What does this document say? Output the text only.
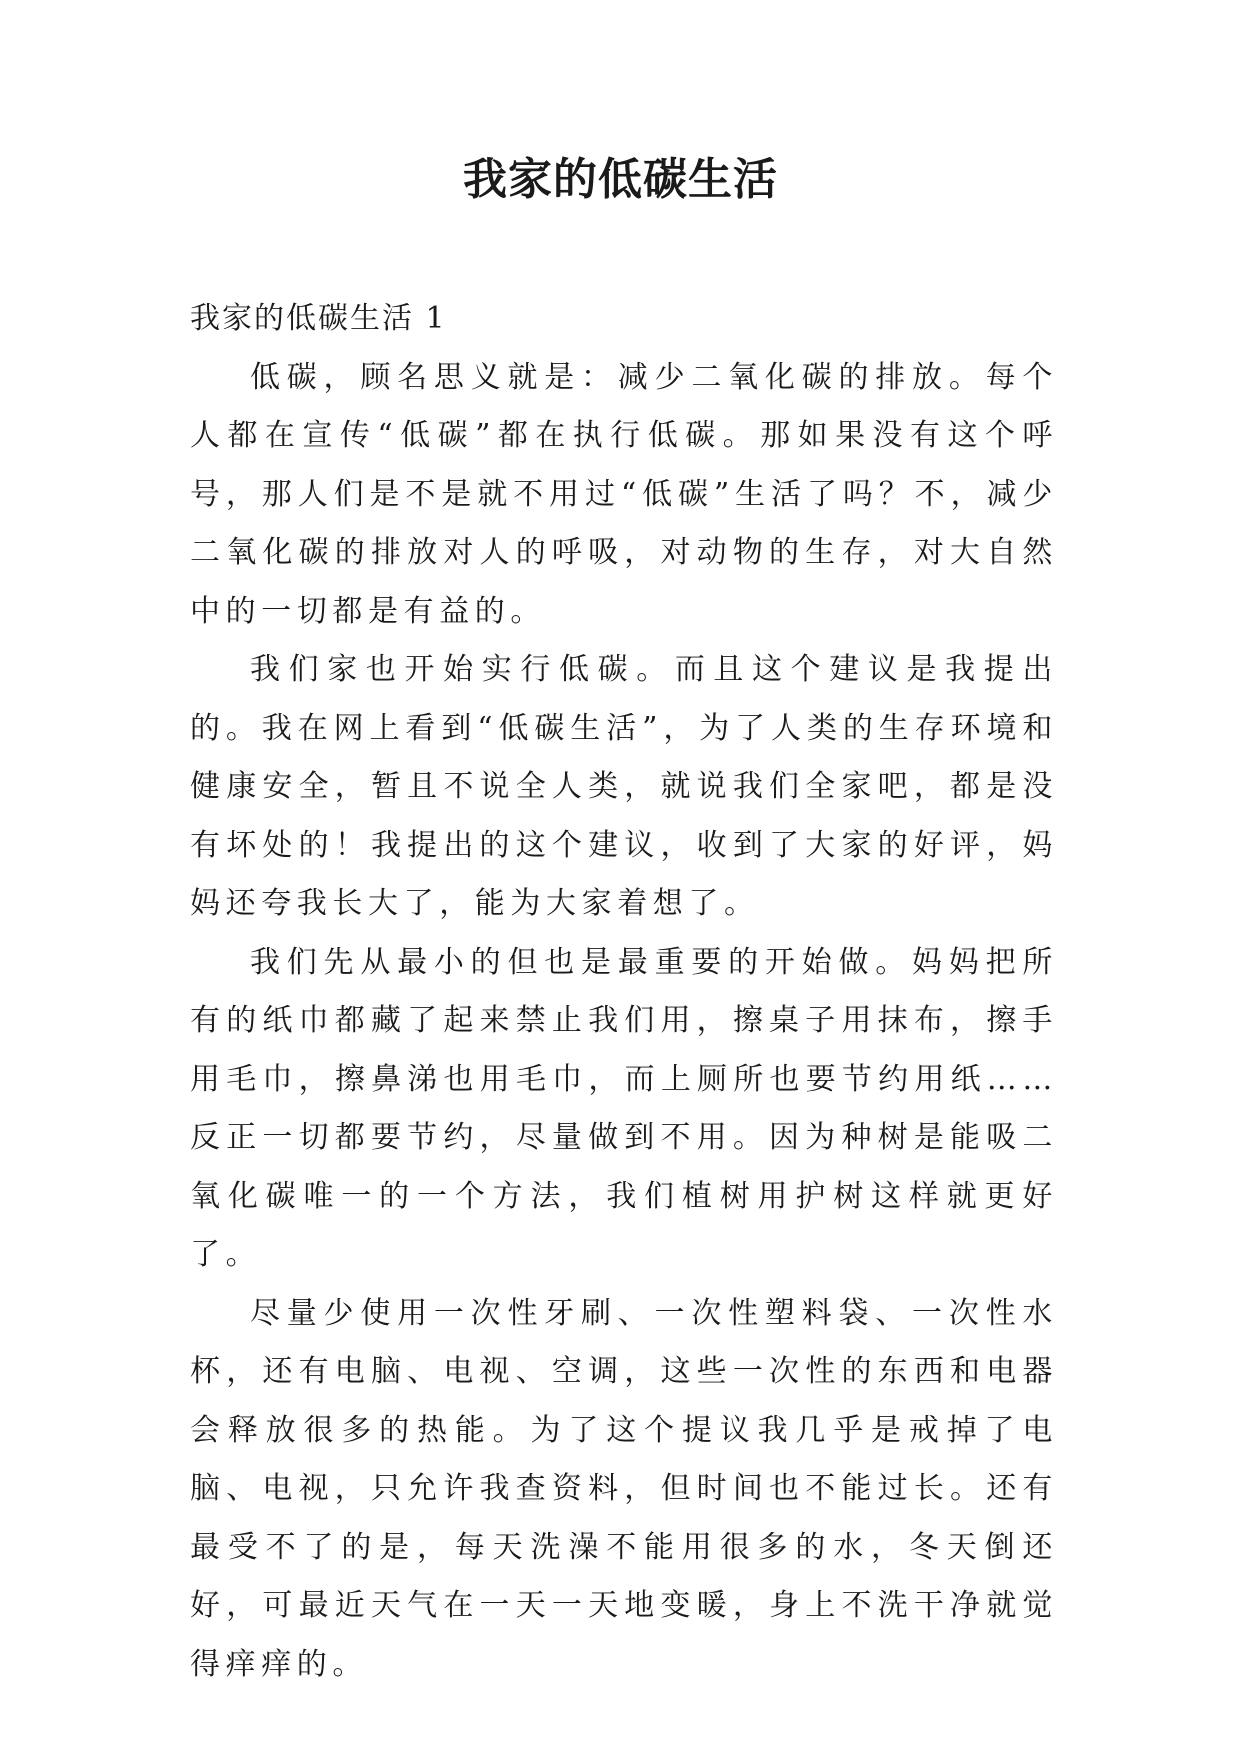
我家的低碳生活

我家的低碳生活 1

低碳，顾名思义就是：减少二氧化碳的排放。每个人都在宣传“低碳”都在执行低碳。那如果没有这个呼号，那人们是不是就不用过“低碳”生活了吗？不，减少二氧化碳的排放对人的呼吸，对动物的生存，对大自然中的一切都是有益的。

我们家也开始实行低碳。而且这个建议是我提出的。我在网上看到“低碳生活”，为了人类的生存环境和健康安全，暂且不说全人类，就说我们全家吧，都是没有坏处的！我提出的这个建议，收到了大家的好评，妈妈还夸我长大了，能为大家着想了。

我们先从最小的但也是最重要的开始做。妈妈把所有的纸巾都藏了起来禁止我们用，擦桌子用抹布，擦手用毛巾，擦鼻涕也用毛巾，而上厕所也要节约用纸……反正一切都要节约，尽量做到不用。因为种树是能吸二氧化碳唯一的一个方法，我们植树用护树这样就更好了。

尽量少使用一次性牙刷、一次性塑料袋、一次性水杯，还有电脑、电视、空调，这些一次性的东西和电器会释放很多的热能。为了这个提议我几乎是戒掉了电脑、电视，只允许我查资料，但时间也不能过长。还有最受不了的是，每天洗澡不能用很多的水，冬天倒还好，可最近天气在一天一天地变暖，身上不洗干净就觉得痒痒的。
